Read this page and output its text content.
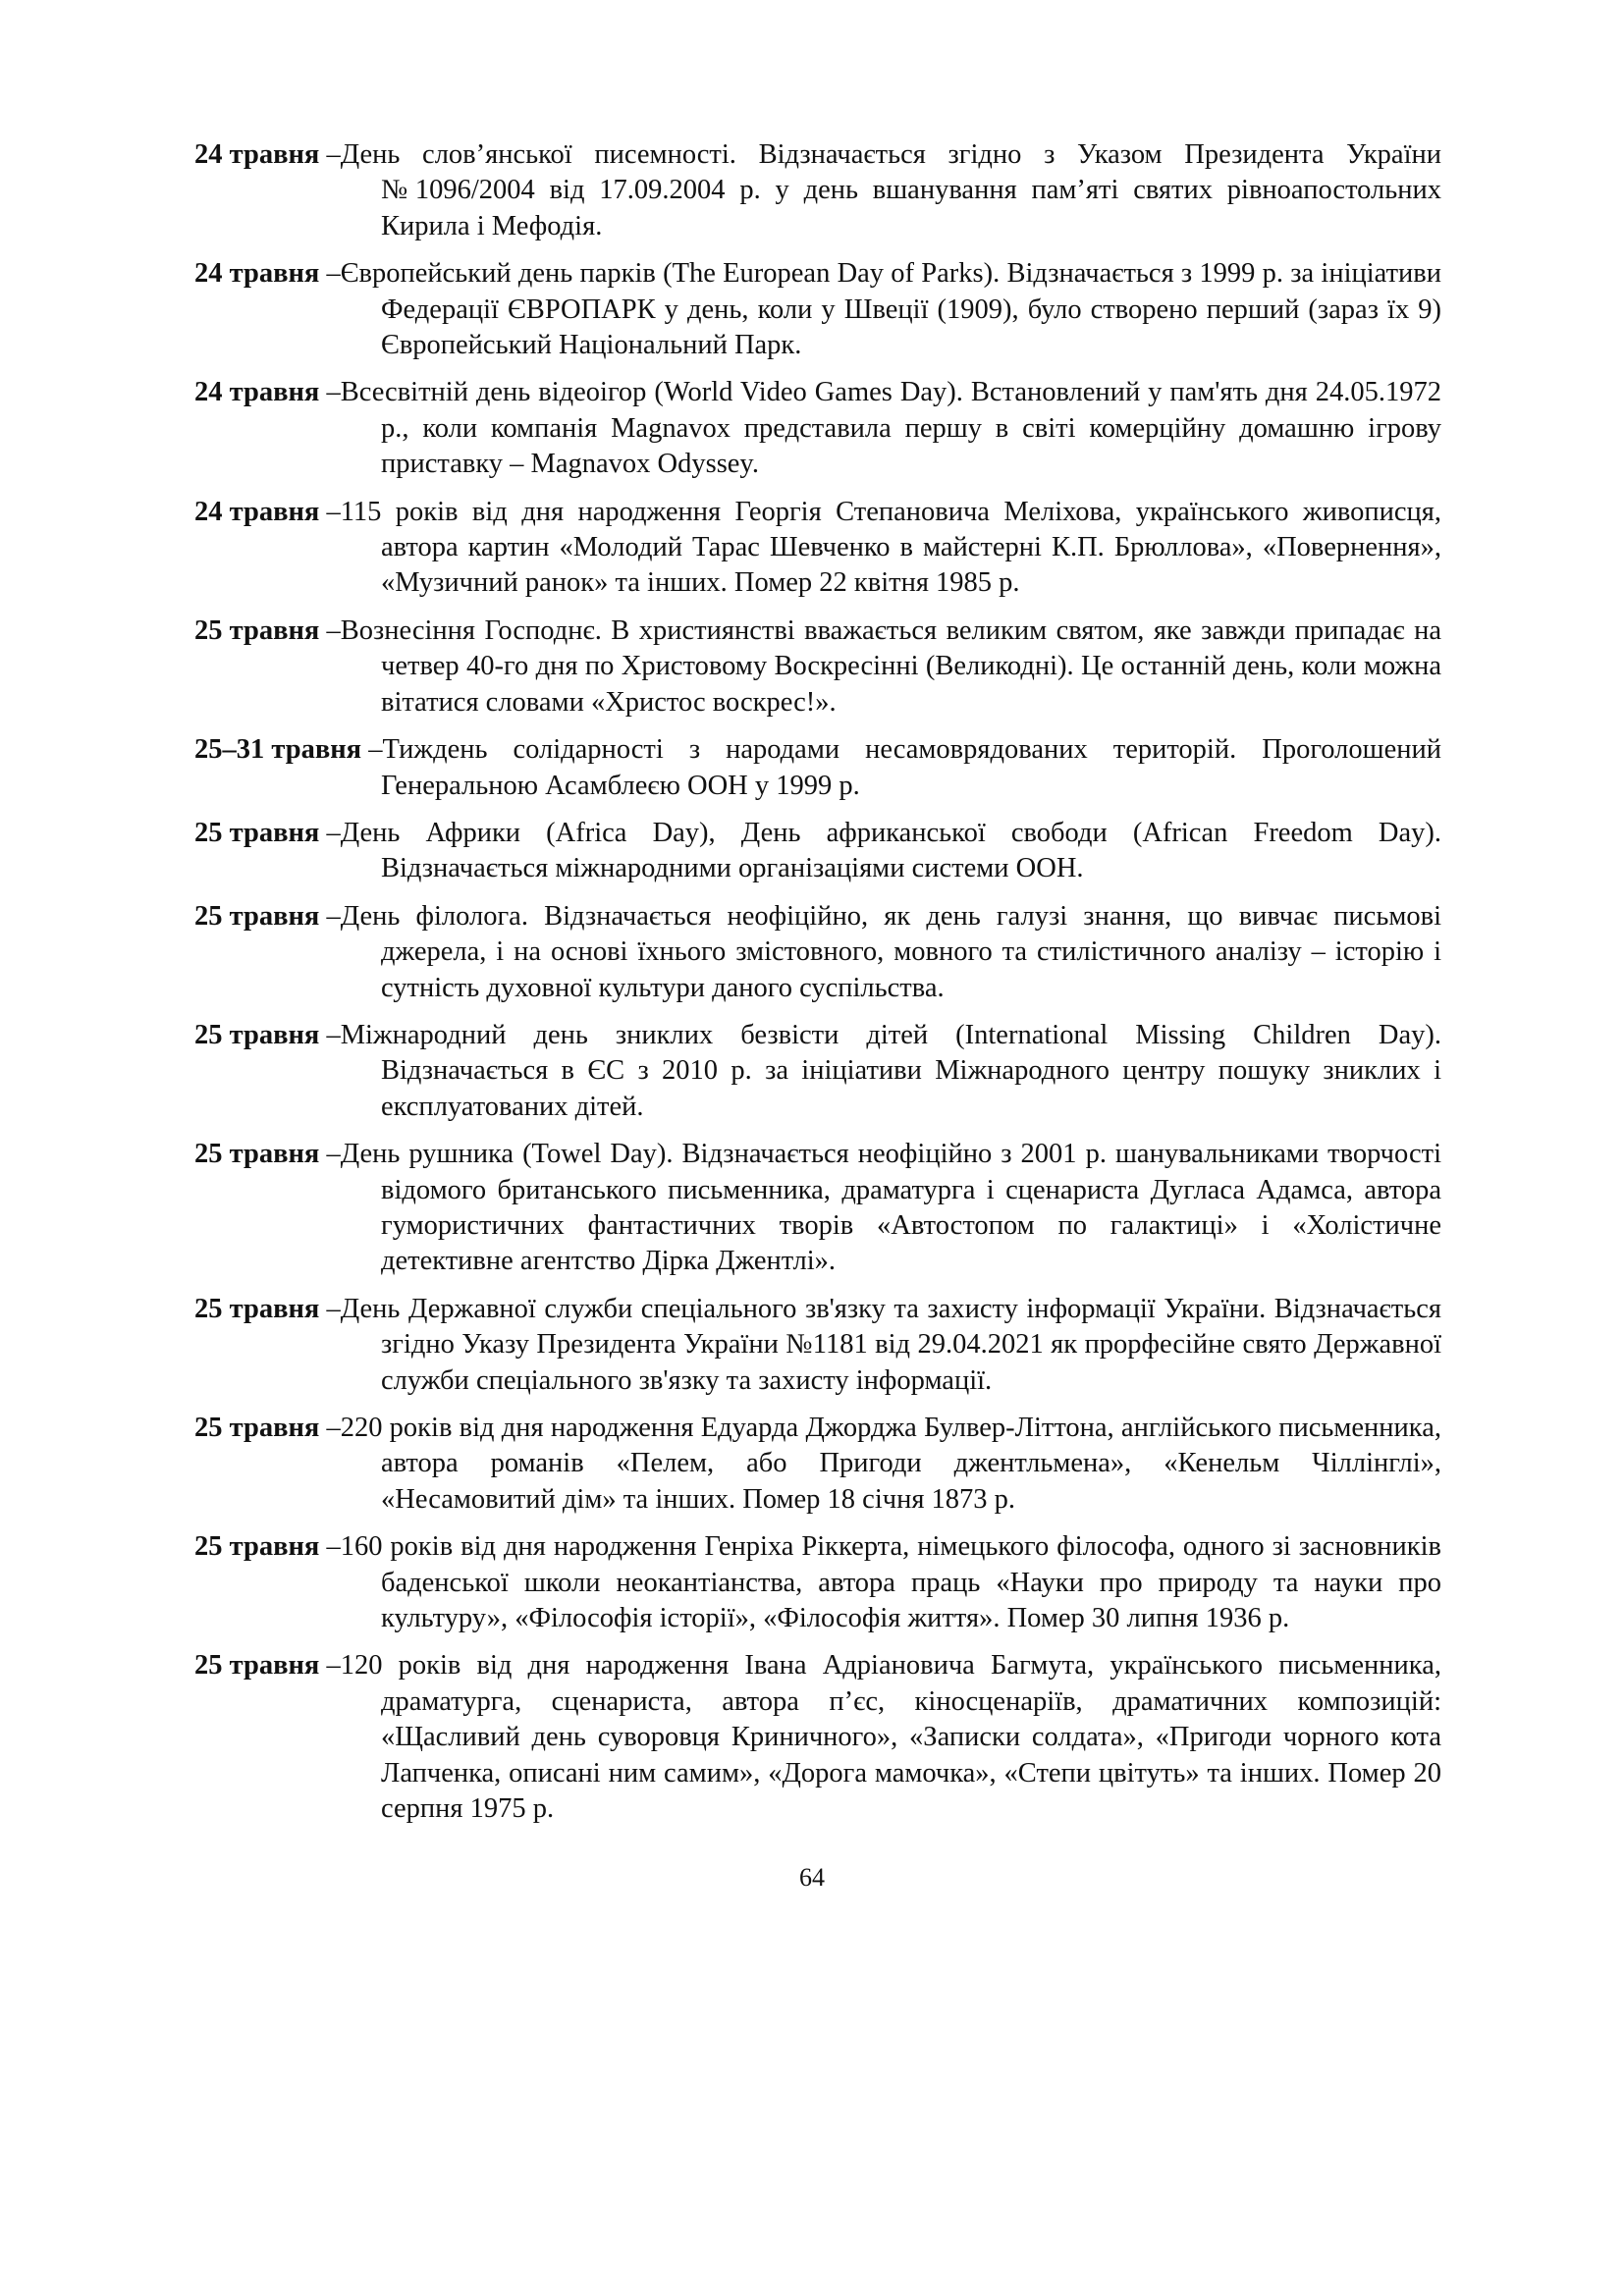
24 травня –День слов’янської писемності. Відзначається згідно з Указом Президента України №1096/2004 від 17.09.2004 р. у день вшанування пам’яті святих рівноапостольних Кирила і Мефодія.
24 травня –Європейський день парків (The European Day of Parks). Відзначається з 1999 р. за ініціативи Федерації ЄВРОПАРК у день, коли у Швеції (1909), було створено перший (зараз їх 9) Європейський Національний Парк.
24 травня –Всесвітній день відеоігор (World Video Games Day). Встановлений у пам'ять дня 24.05.1972 р., коли компанія Magnavox представила першу в світі комерційну домашню ігрову приставку – Magnavox Odyssey.
24 травня –115 років від дня народження Георгія Степановича Меліхова, українського живописця, автора картин «Молодий Тарас Шевченко в майстерні К.П. Брюллова», «Повернення», «Музичний ранок» та інших. Помер 22 квітня 1985 р.
25 травня –Вознесіння Господнє. В християнстві вважається великим святом, яке завжди припадає на четвер 40-го дня по Христовому Воскресінні (Великодні). Це останній день, коли можна вітатися словами «Христос воскрес!».
25–31 травня –Тиждень солідарності з народами несамоврядованих територій. Проголошений Генеральною Асамблеєю ООН у 1999 р.
25 травня –День Африки (Africa Day), День африканської свободи (African Freedom Day). Відзначається міжнародними організаціями системи ООН.
25 травня –День філолога. Відзначається неофіційно, як день галузі знання, що вивчає письмові джерела, і на основі їхнього змістовного, мовного та стилістичного аналізу – історію і сутність духовної культури даного суспільства.
25 травня –Міжнародний день зниклих безвісти дітей (International Missing Children Day). Відзначається в ЄС з 2010 р. за ініціативи Міжнародного центру пошуку зниклих і експлуатованих дітей.
25 травня –День рушника (Towel Day). Відзначається неофіційно з 2001 р. шанувальниками творчості відомого британського письменника, драматурга і сценариста Дугласа Адамса, автора гумористичних фантастичних творів «Автостопом по галактиці» і «Холістичне детективне агентство Дірка Джентлі».
25 травня –День Державної служби спеціального зв'язку та захисту інформації України. Відзначається згідно Указу Президента України №1181 від 29.04.2021 як прорфесійне свято Державної служби спеціального зв'язку та захисту інформації.
25 травня –220 років від дня народження Едуарда Джорджа Булвер-Літтона, англійського письменника, автора романів «Пелем, або Пригоди джентльмена», «Кенельм Чіллінглі», «Несамовитий дім» та інших. Помер 18 січня 1873 р.
25 травня –160 років від дня народження Генріха Ріккерта, німецького філософа, одного зі засновників баденської школи неокантіанства, автора праць «Науки про природу та науки про культуру», «Філософія історії», «Філософія життя». Помер 30 липня 1936 р.
25 травня –120 років від дня народження Івана Адріановича Багмута, українського письменника, драматурга, сценариста, автора п’єс, кіносценаріїв, драматичних композицій: «Щасливий день суворовця Криничного», «Записки солдата», «Пригоди чорного кота Лапченка, описані ним самим», «Дорога мамочка», «Степи цвітуть» та інших. Помер 20 серпня 1975 р.
64
